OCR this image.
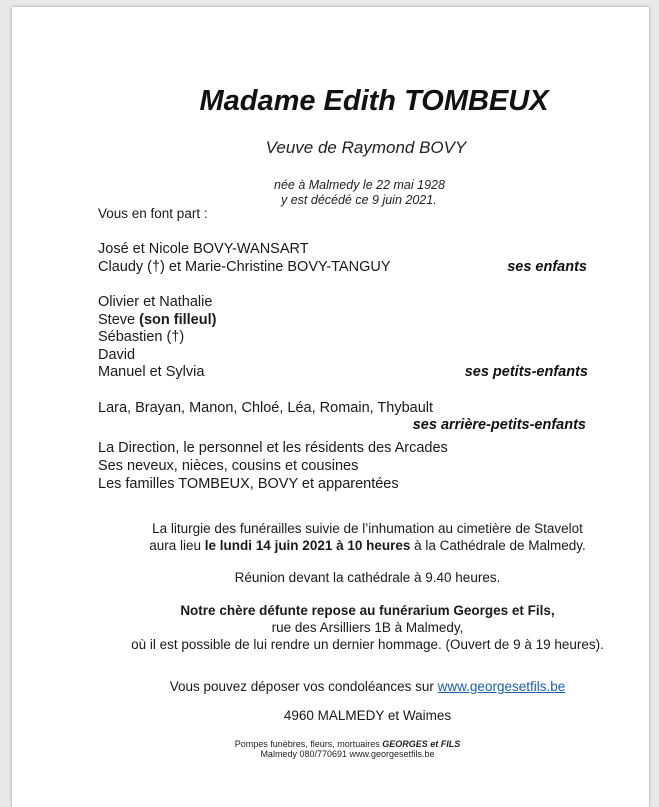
Madame Edith TOMBEUX
Veuve de Raymond BOVY
née à Malmedy le 22 mai 1928
y est décédé ce 9 juin 2021.
Vous en font part :
José et Nicole BOVY-WANSART
Claudy (†) et Marie-Christine BOVY-TANGUY	ses enfants
Olivier et Nathalie
Steve (son filleul)
Sébastien (†)
David
Manuel et Sylvia	ses petits-enfants
Lara, Brayan, Manon, Chloé, Léa, Romain, Thybault
ses arrière-petits-enfants
La Direction, le personnel et les résidents des Arcades
Ses neveux, nièces, cousins et cousines
Les familles TOMBEUX, BOVY et apparentées
La liturgie des funérailles suivie de l’inhumation au cimetière de Stavelot
aura lieu le lundi 14 juin 2021 à 10 heures à la Cathédrale de Malmedy.
Réunion devant la cathédrale à 9.40 heures.
Notre chère défunte repose au funérarium Georges et Fils,
rue des Arsilliers 1B à Malmedy,
où il est possible de lui rendre un dernier hommage. (Ouvert de 9 à 19 heures).
Vous pouvez déposer vos condoléances sur www.georgesetfils.be
4960 MALMEDY et Waimes
Pompes funèbres, fleurs, mortuaires GEORGES et FILS
Malmedy 080/770691 www.georgesetfils.be
